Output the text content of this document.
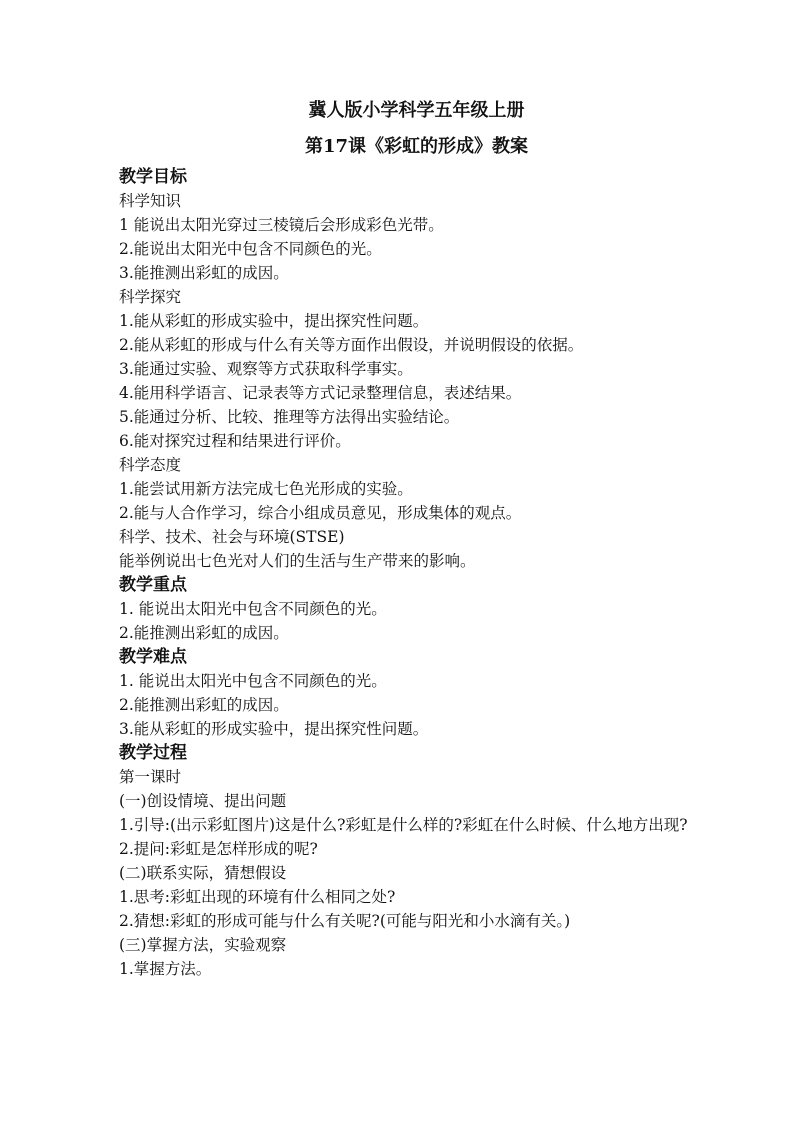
冀人版小学科学五年级上册
第17课《彩虹的形成》教案
教学目标
科学知识
1 能说出太阳光穿过三棱镜后会形成彩色光带。
2.能说出太阳光中包含不同颜色的光。
3.能推测出彩虹的成因。
科学探究
1.能从彩虹的形成实验中，提出探究性问题。
2.能从彩虹的形成与什么有关等方面作出假设，并说明假设的依据。
3.能通过实验、观察等方式获取科学事实。
4.能用科学语言、记录表等方式记录整理信息，表述结果。
5.能通过分析、比较、推理等方法得出实验结论。
6.能对探究过程和结果进行评价。
科学态度
1.能尝试用新方法完成七色光形成的实验。
2.能与人合作学习，综合小组成员意见，形成集体的观点。
科学、技术、社会与环境(STSE)
能举例说出七色光对人们的生活与生产带来的影响。
教学重点
1. 能说出太阳光中包含不同颜色的光。
2.能推测出彩虹的成因。
教学难点
1. 能说出太阳光中包含不同颜色的光。
2.能推测出彩虹的成因。
3.能从彩虹的形成实验中，提出探究性问题。
教学过程
第一课时
(一)创设情境、提出问题
1.引导:(出示彩虹图片)这是什么?彩虹是什么样的?彩虹在什么时候、什么地方出现?
2.提问:彩虹是怎样形成的呢?
(二)联系实际，猜想假设
1.思考:彩虹出现的环境有什么相同之处?
2.猜想:彩虹的形成可能与什么有关呢?(可能与阳光和小水滴有关。)
(三)掌握方法，实验观察
1.掌握方法。
